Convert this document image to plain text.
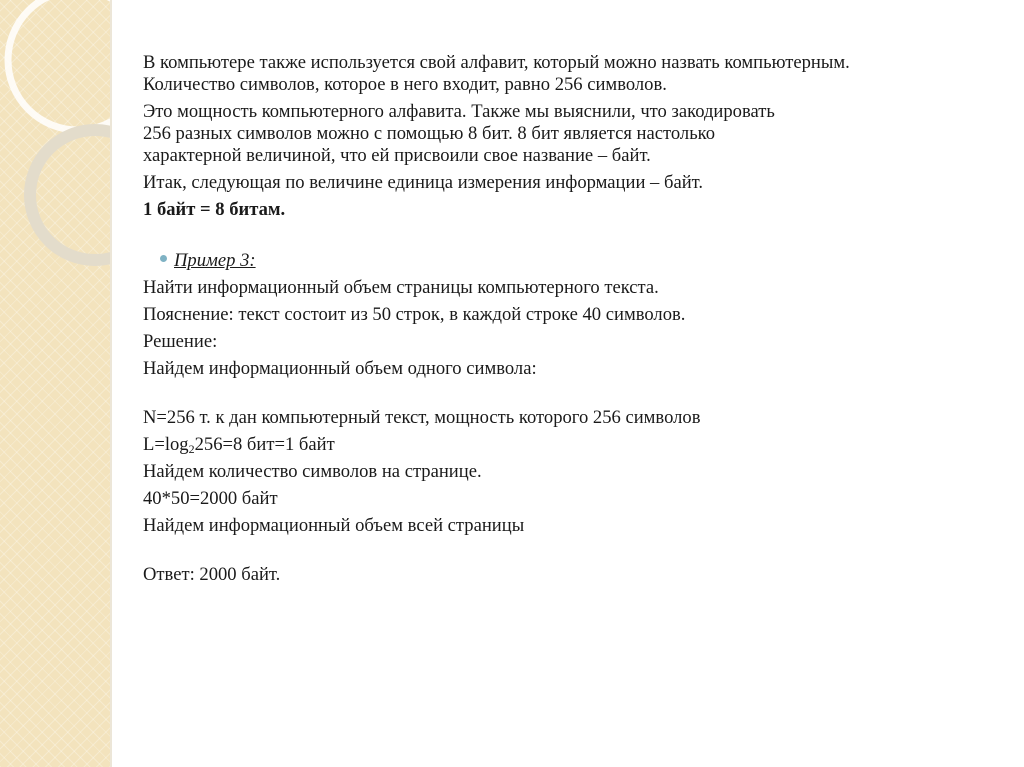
В компьютере также используется свой алфавит, который можно назвать компьютерным.
Количество символов, которое в него входит, равно 256 символов.
Это мощность компьютерного алфавита. Также мы выяснили, что закодировать 256 разных символов можно с помощью 8 бит. 8 бит является настолько характерной величиной, что ей присвоили свое название – байт.
Итак, следующая по величине единица измерения информации – байт.
1 байт = 8 битам.
Пример 3:
Найти информационный объем страницы компьютерного текста.
Пояснение: текст состоит из 50 строк, в каждой строке 40 символов.
Решение:
Найдем информационный объем одного символа:
N=256 т. к дан компьютерный текст, мощность которого 256 символов
$L=\log_2256=8$ бит=1 байт
Найдем количество символов на странице.
40*50=2000 байт
Найдем информационный объем всей страницы
Ответ: 2000 байт.
